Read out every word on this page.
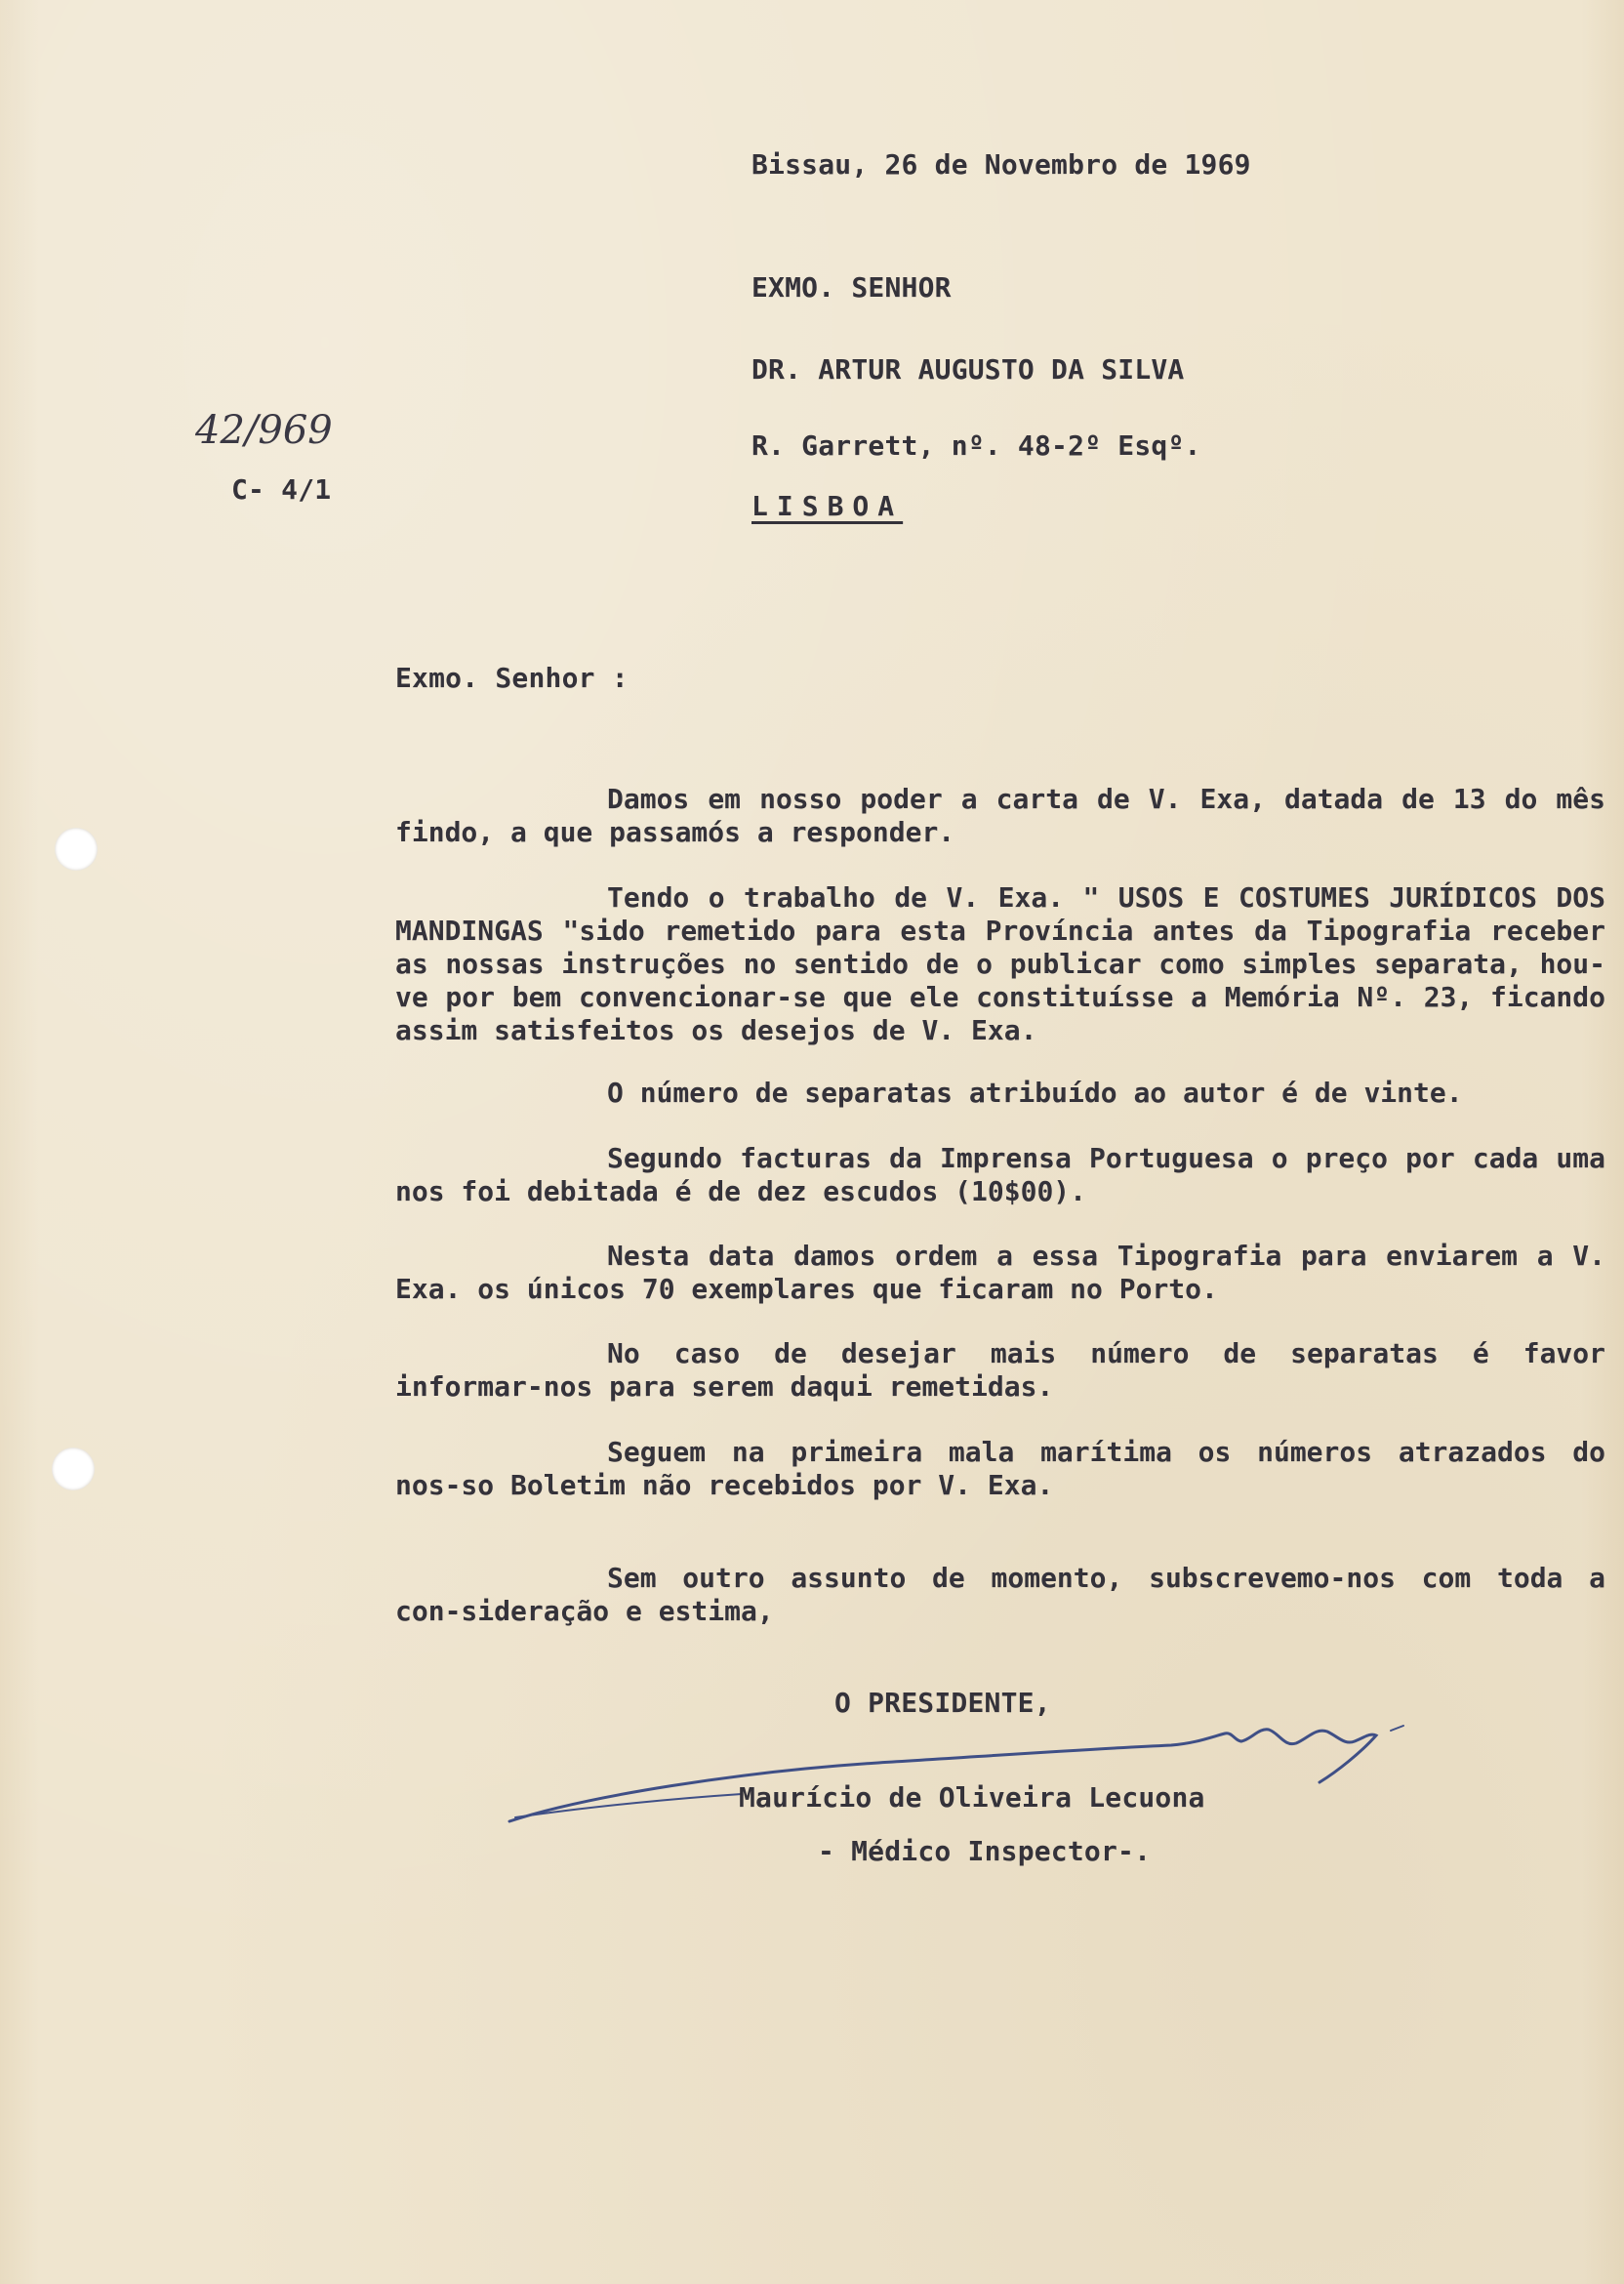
Bissau, 26 de Novembro de 1969
EXMO. SENHOR
DR. ARTUR AUGUSTO DA SILVA
R. Garrett, nº. 48-2º Esqº.
LISBOA
42/969
C- 4/1
Exmo. Senhor :
Damos em nosso poder a carta de V. Exa, datada de 13 do mês findo, a que passamós a responder.
Tendo o trabalho de V. Exa. " USOS E COSTUMES JURÍDICOS DOS MANDINGAS "sido remetido para esta Província antes da Tipografia receber as nossas instruções no sentido de o publicar como simples separata, hou-ve por bem convencionar-se que ele constituísse a Memória Nº. 23, ficando assim satisfeitos os desejos de V. Exa.
O número de separatas atribuído ao autor é de vinte.
Segundo facturas da Imprensa Portuguesa o preço por cada uma nos foi debitada é de dez escudos (10$00).
Nesta data damos ordem a essa Tipografia para enviarem a V. Exa. os únicos 70 exemplares que ficaram no Porto.
No caso de desejar mais número de separatas é favor informar-nos para serem daqui remetidas.
Seguem na primeira mala marítima os números atrazados do nos-so Boletim não recebidos por V. Exa.
Sem outro assunto de momento, subscrevemo-nos com toda a con-sideração e estima,
O PRESIDENTE,
Maurício de Oliveira Lecuona
- Médico Inspector-.
